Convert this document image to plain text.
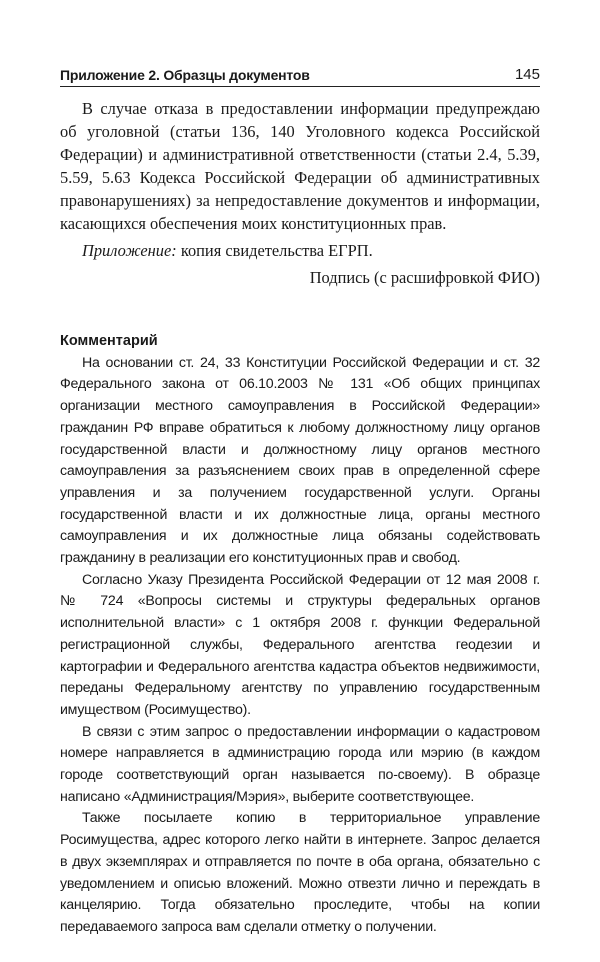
Приложение 2. Образцы документов	145

В случае отказа в предоставлении информации предупреждаю об уголовной (статьи 136, 140 Уголовного кодекса Российской Федерации) и административной ответственности (статьи 2.4, 5.39, 5.59, 5.63 Кодекса Российской Федерации об административных правонарушениях) за непредоставление документов и информации, касающихся обеспечения моих конституционных прав.

Приложение: копия свидетельства ЕГРП.

Подпись (с расшифровкой ФИО)

Комментарий

На основании ст. 24, 33 Конституции Российской Федерации и ст. 32 Федерального закона от 06.10.2003 № 131 «Об общих принципах организации местного самоуправления в Российской Федерации» гражданин РФ вправе обратиться к любому должностному лицу органов государственной власти и должностному лицу органов местного самоуправления за разъяснением своих прав в определенной сфере управления и за получением государственной услуги. Органы государственной власти и их должностные лица, органы местного самоуправления и их должностные лица обязаны содействовать гражданину в реализации его конституционных прав и свобод.

Согласно Указу Президента Российской Федерации от 12 мая 2008 г. № 724 «Вопросы системы и структуры федеральных органов исполнительной власти» с 1 октября 2008 г. функции Федеральной регистрационной службы, Федерального агентства геодезии и картографии и Федерального агентства кадастра объектов недвижимости, переданы Федеральному агентству по управлению государственным имуществом (Росимущество).

В связи с этим запрос о предоставлении информации о кадастровом номере направляется в администрацию города или мэрию (в каждом городе соответствующий орган называется по-своему). В образце написано «Администрация/Мэрия», выберите соответствующее.

Также посылаете копию в территориальное управление Росимущества, адрес которого легко найти в интернете. Запрос делается в двух экземплярах и отправляется по почте в оба органа, обязательно с уведомлением и описью вложений. Можно отвезти лично и переждать в канцелярию. Тогда обязательно проследите, чтобы на копии передаваемого запроса вам сделали отметку о получении.
